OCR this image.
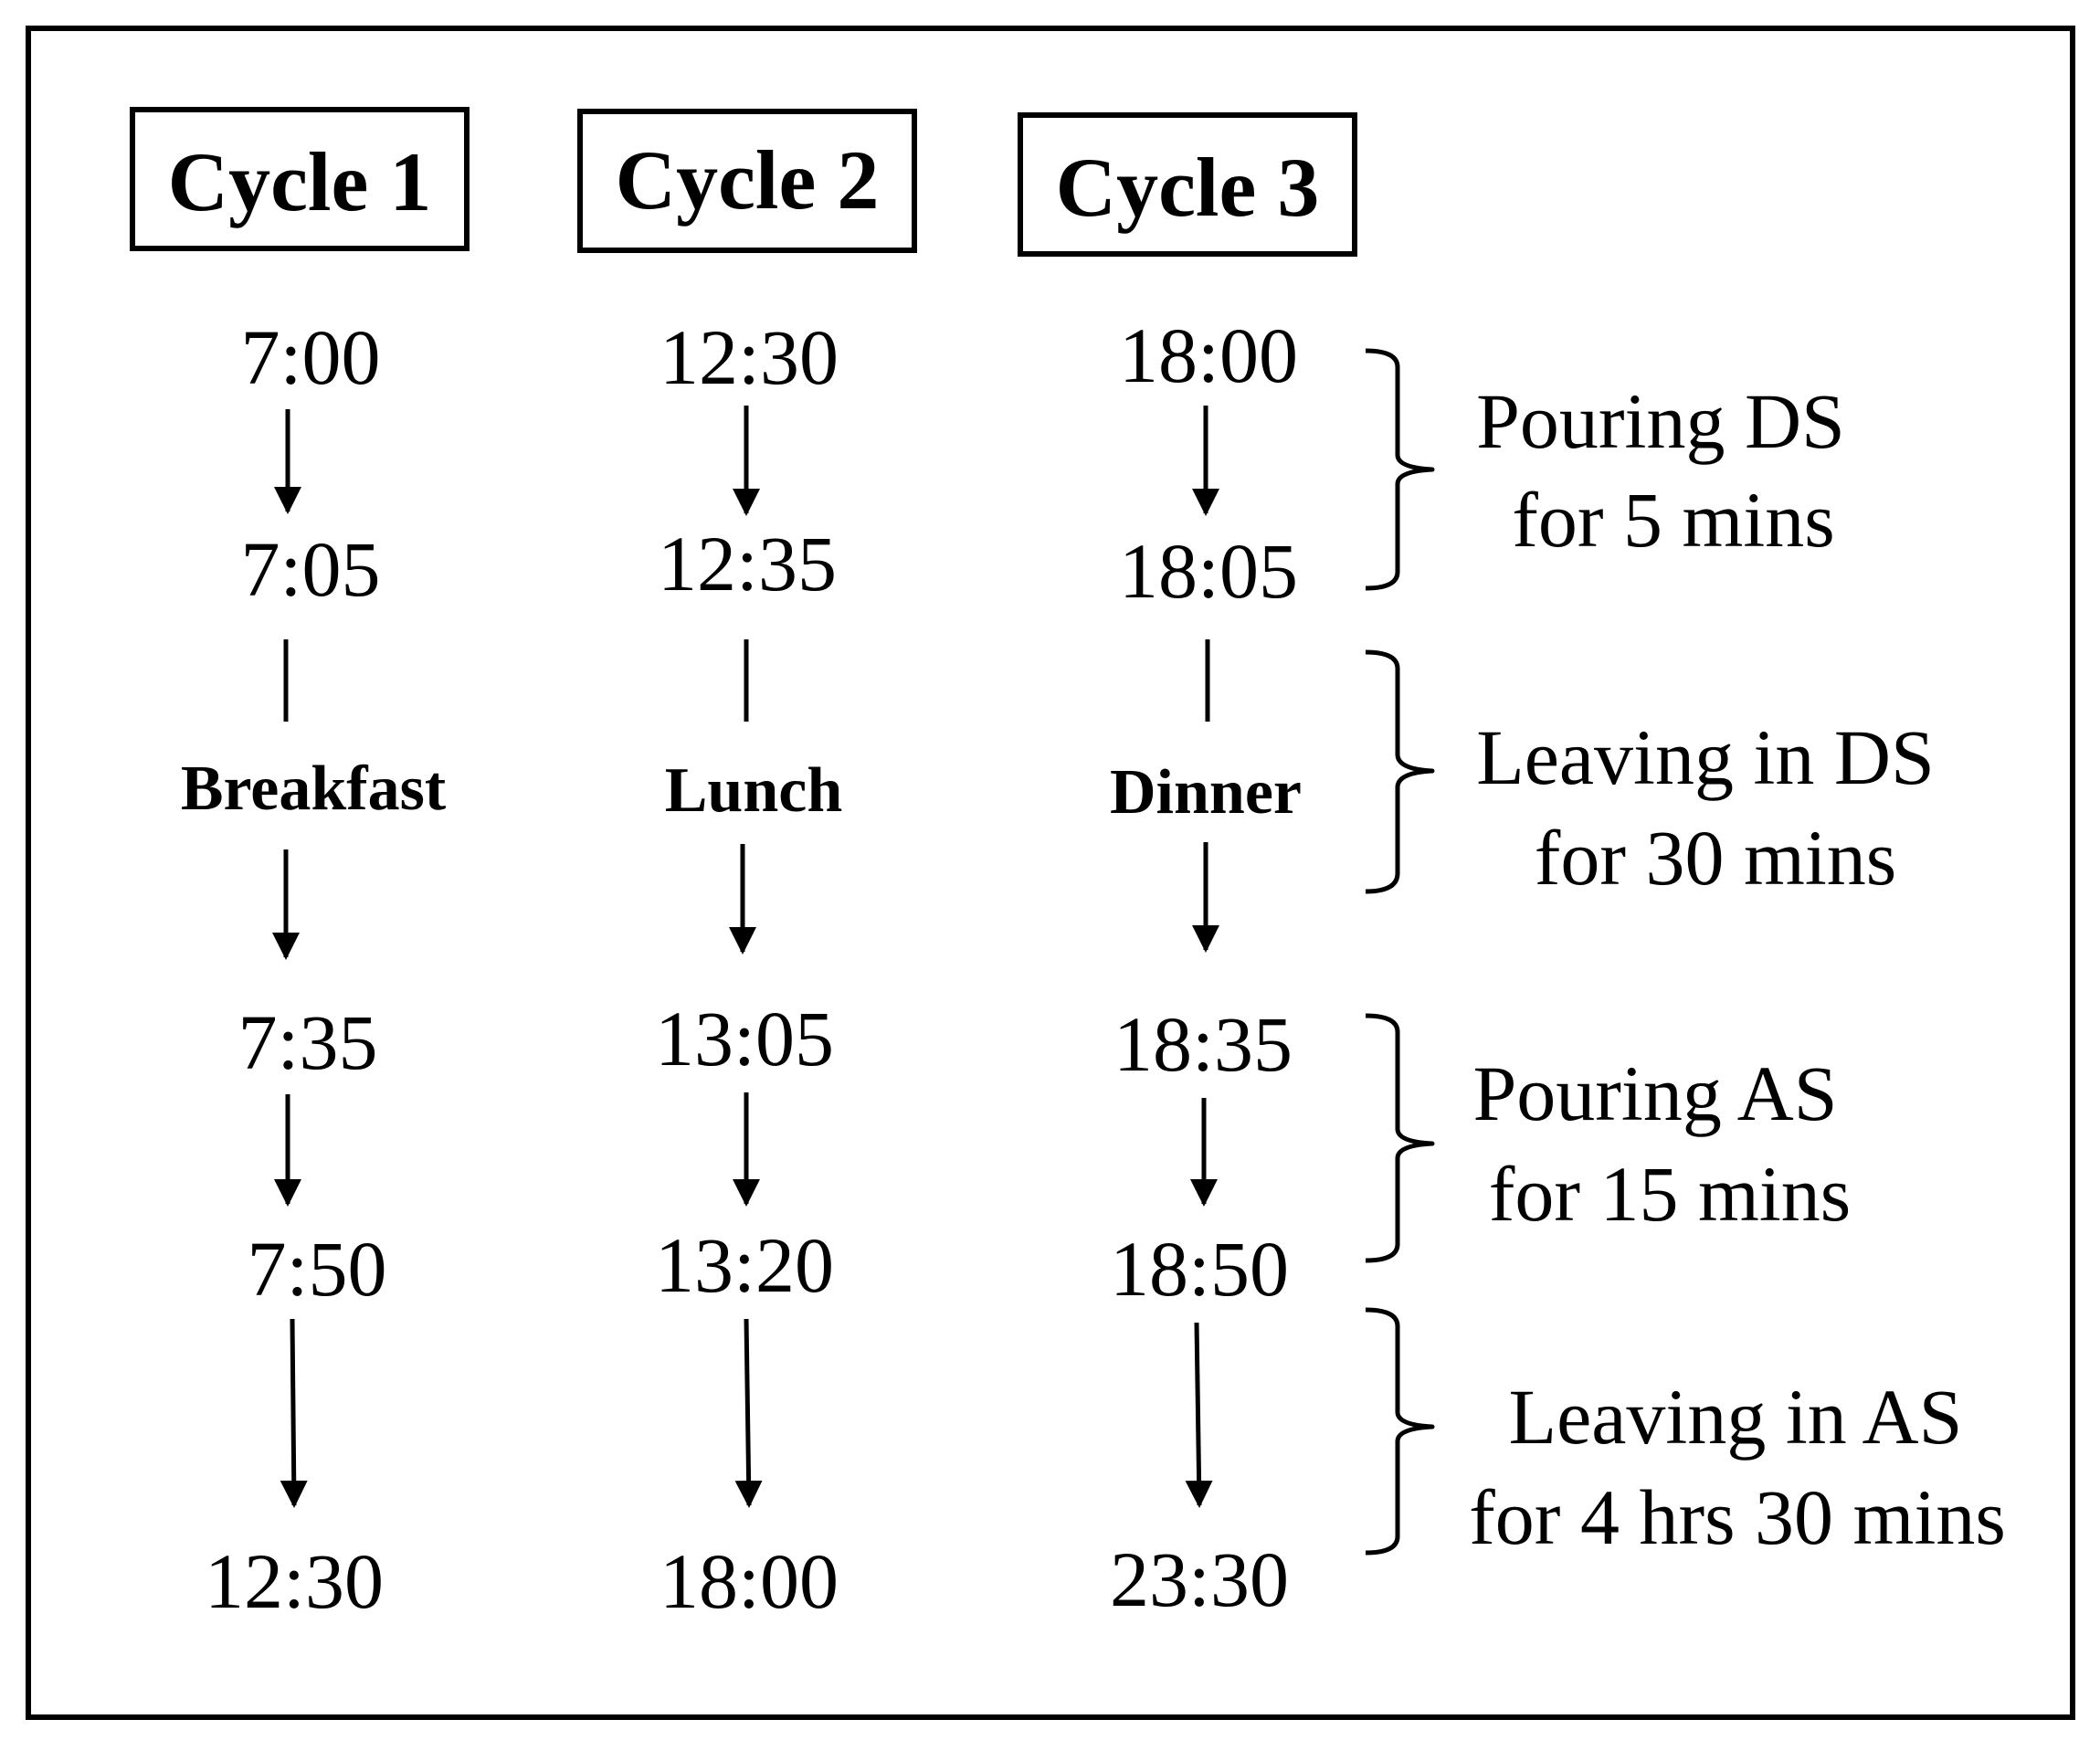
Cycle 1 Cycle 2 Cycle 3
7:00
7:05
Breakfast
7:35
7:50
12:30
12:30
12:35
Lunch
13:05
13:20
18:00
18:00
18:05
Dinner
18:35
18:50
23:30
Pouring DS
for 5 mins
Leaving in DS
for 30 mins
Pouring AS
for 15 mins
Leaving in AS
for 4 hrs 30 mins
